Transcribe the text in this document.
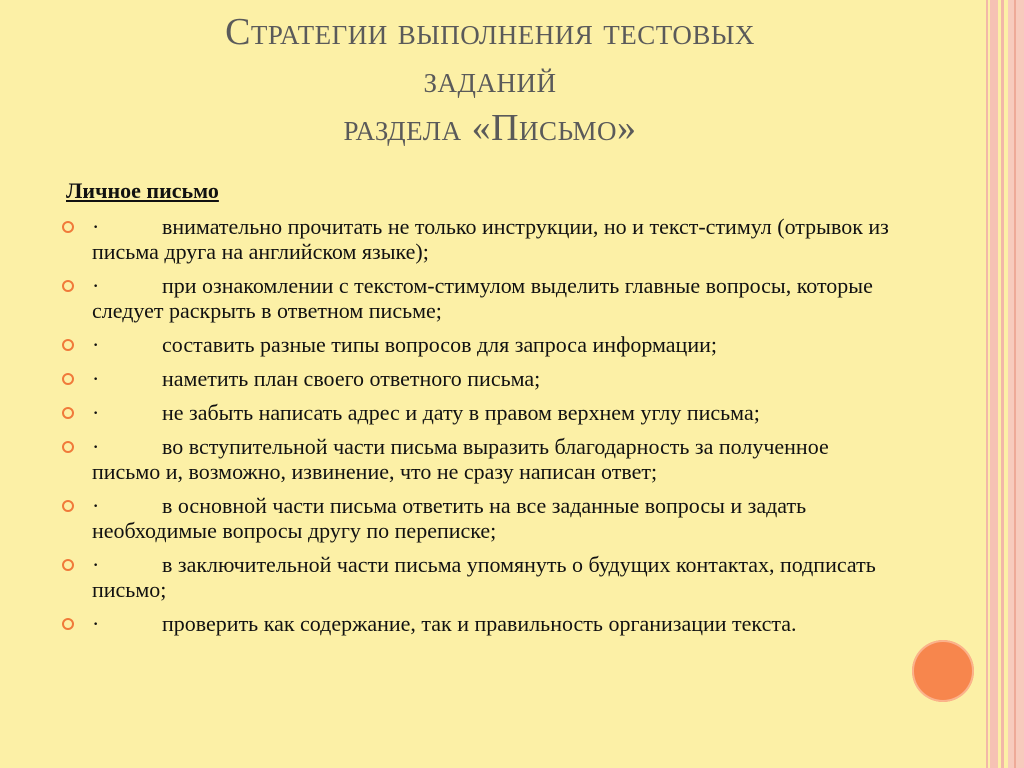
Стратегии выполнения тестовых
заданий
раздела «Письмо»
Личное письмо
·	внимательно прочитать не только инструкции, но и текст-стимул (отрывок из письма друга на английском языке);
·	при ознакомлении с текстом-стимулом выделить главные вопросы, которые следует раскрыть в ответном письме;
·	составить разные типы вопросов для запроса информации;
·	наметить план своего ответного письма;
·	не забыть написать адрес и дату в правом верхнем углу письма;
·	во вступительной части письма выразить благодарность за полученное письмо и, возможно, извинение, что не сразу написан ответ;
·	в основной части письма ответить на все заданные вопросы и задать необходимые вопросы другу по переписке;
·	в заключительной части письма упомянуть о будущих контактах, подписать письмо;
·	проверить как содержание, так и правильность организации текста.
